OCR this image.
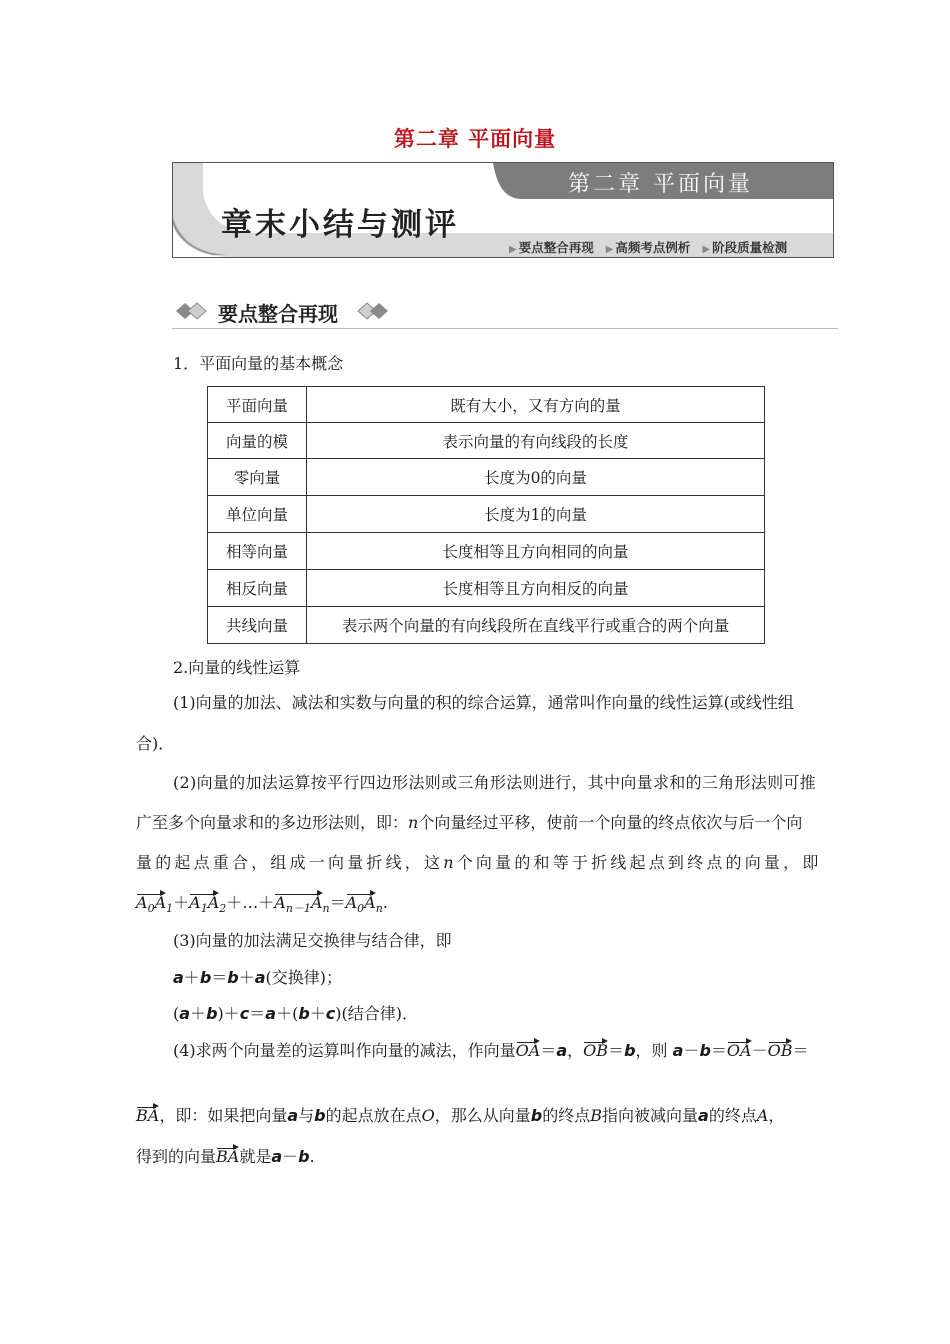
第二章 平面向量
第二章 平面向量
章末小结与测评
▶ 要点整合再现 ▶ 高频考点例析 ▶ 阶段质量检测
要点整合再现
1．平面向量的基本概念
平面向量	既有大小，又有方向的量
向量的模	表示向量的有向线段的长度
零向量	长度为0的向量
单位向量	长度为1的向量
相等向量	长度相等且方向相同的向量
相反向量	长度相等且方向相反的向量
共线向量	表示两个向量的有向线段所在直线平行或重合的两个向量
2.向量的线性运算
(1)向量的加法、减法和实数与向量的积的综合运算，通常叫作向量的线性运算(或线性组
合)．
(2)向量的加法运算按平行四边形法则或三角形法则进行，其中向量求和的三角形法则可推
广至多个向量求和的多边形法则，即：n个向量经过平移，使前一个向量的终点依次与后一个向
量的起点重合，组成一向量折线，这n个向量的和等于折线起点到终点的向量，即
$A_0A_1+A_1A_2+\dots+A_{n-1}A_n=A_0A_n$.
(3)向量的加法满足交换律与结合律，即
a＋b＝b＋a(交换律)；
(a＋b)＋c＝a＋(b＋c)(结合律)．
(4)求两个向量差的运算叫作向量的减法，作向量OA＝a，OB＝b，则 a－b＝OA－OB＝
BA，即：如果把向量a与b的起点放在点O，那么从向量b的终点B指向被减向量a的终点A，
得到的向量BA就是a－b.
